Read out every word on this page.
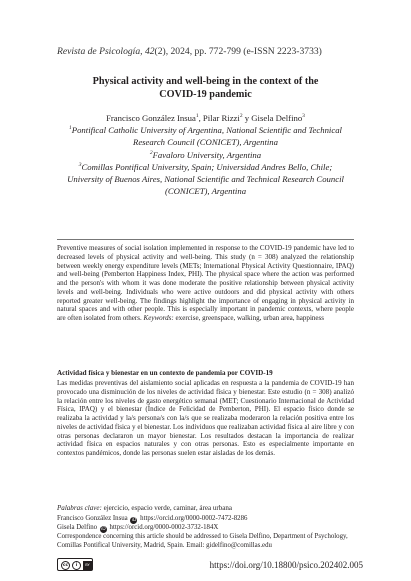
Revista de Psicología, 42(2), 2024, pp. 772-799 (e-ISSN 2223-3733)
Physical activity and well-being in the context of the
COVID-19 pandemic
Francisco González Insua$^1$, Pilar Rizzi$^2$ y Gisela Delfino$^3$
$^1$Pontifical Catholic University of Argentina, National Scientific and Technical
Research Council (CONICET), Argentina
$^2$Favaloro University, Argentina
$^3$Comillas Pontifical University, Spain; Universidad Andres Bello, Chile;
University of Buenos Aires, National Scientific and Technical Research Council
(CONICET), Argentina
Preventive measures of social isolation implemented in response to the COVID-19 pandemic have led to decreased levels of physical activity and well-being. This study (n = 308) analyzed the relationship between weekly energy expenditure levels (METs; International Physical Activity Questionnaire, IPAQ) and well-being (Pemberton Happiness Index, PHI). The physical space where the action was performed and the person's with whom it was done moderate the positive relationship between physical activity levels and well-being. Individuals who were active outdoors and did physical activity with others reported greater well-being. The findings highlight the importance of engaging in physical activity in natural spaces and with other people. This is especially important in pandemic contexts, where people are often isolated from others. Keywords: exercise, greenspace, walking, urban area, happiness
Actividad física y bienestar en un contexto de pandemia por COVID-19
Las medidas preventivas del aislamiento social aplicadas en respuesta a la pandemia de COVID-19 han provocado una disminución de los niveles de actividad física y bienestar. Este estudio (n = 308) analizó la relación entre los niveles de gasto energético semanal (MET; Cuestionario Internacional de Actividad Física, IPAQ) y el bienestar (Índice de Felicidad de Pemberton, PHI). El espacio físico donde se realizaba la actividad y la/s persona/s con la/s que se realizaba moderaron la relación positiva entre los niveles de actividad física y el bienestar. Los individuos que realizaban actividad física al aire libre y con otras personas declararon un mayor bienestar. Los resultados destacan la importancia de realizar actividad física en espacios naturales y con otras personas. Esto es especialmente importante en contextos pandémicos, donde las personas suelen estar aisladas de los demás.
Palabras clave: ejercicio, espacio verde, caminar, área urbana
Francisco González Insua iD https://orcid.org/0000-0002-7472-8286
Gisela Delfino iD https://orcid.org/0000-0002-3732-184X
Correspondence concerning this article should be addressed to Gisela Delfino, Department of Psychology, Comillas Pontifical University, Madrid, Spain. Email: gidelfino@comillas.edu
cc	i	BY	https://doi.org/10.18800/psico.202402.005
